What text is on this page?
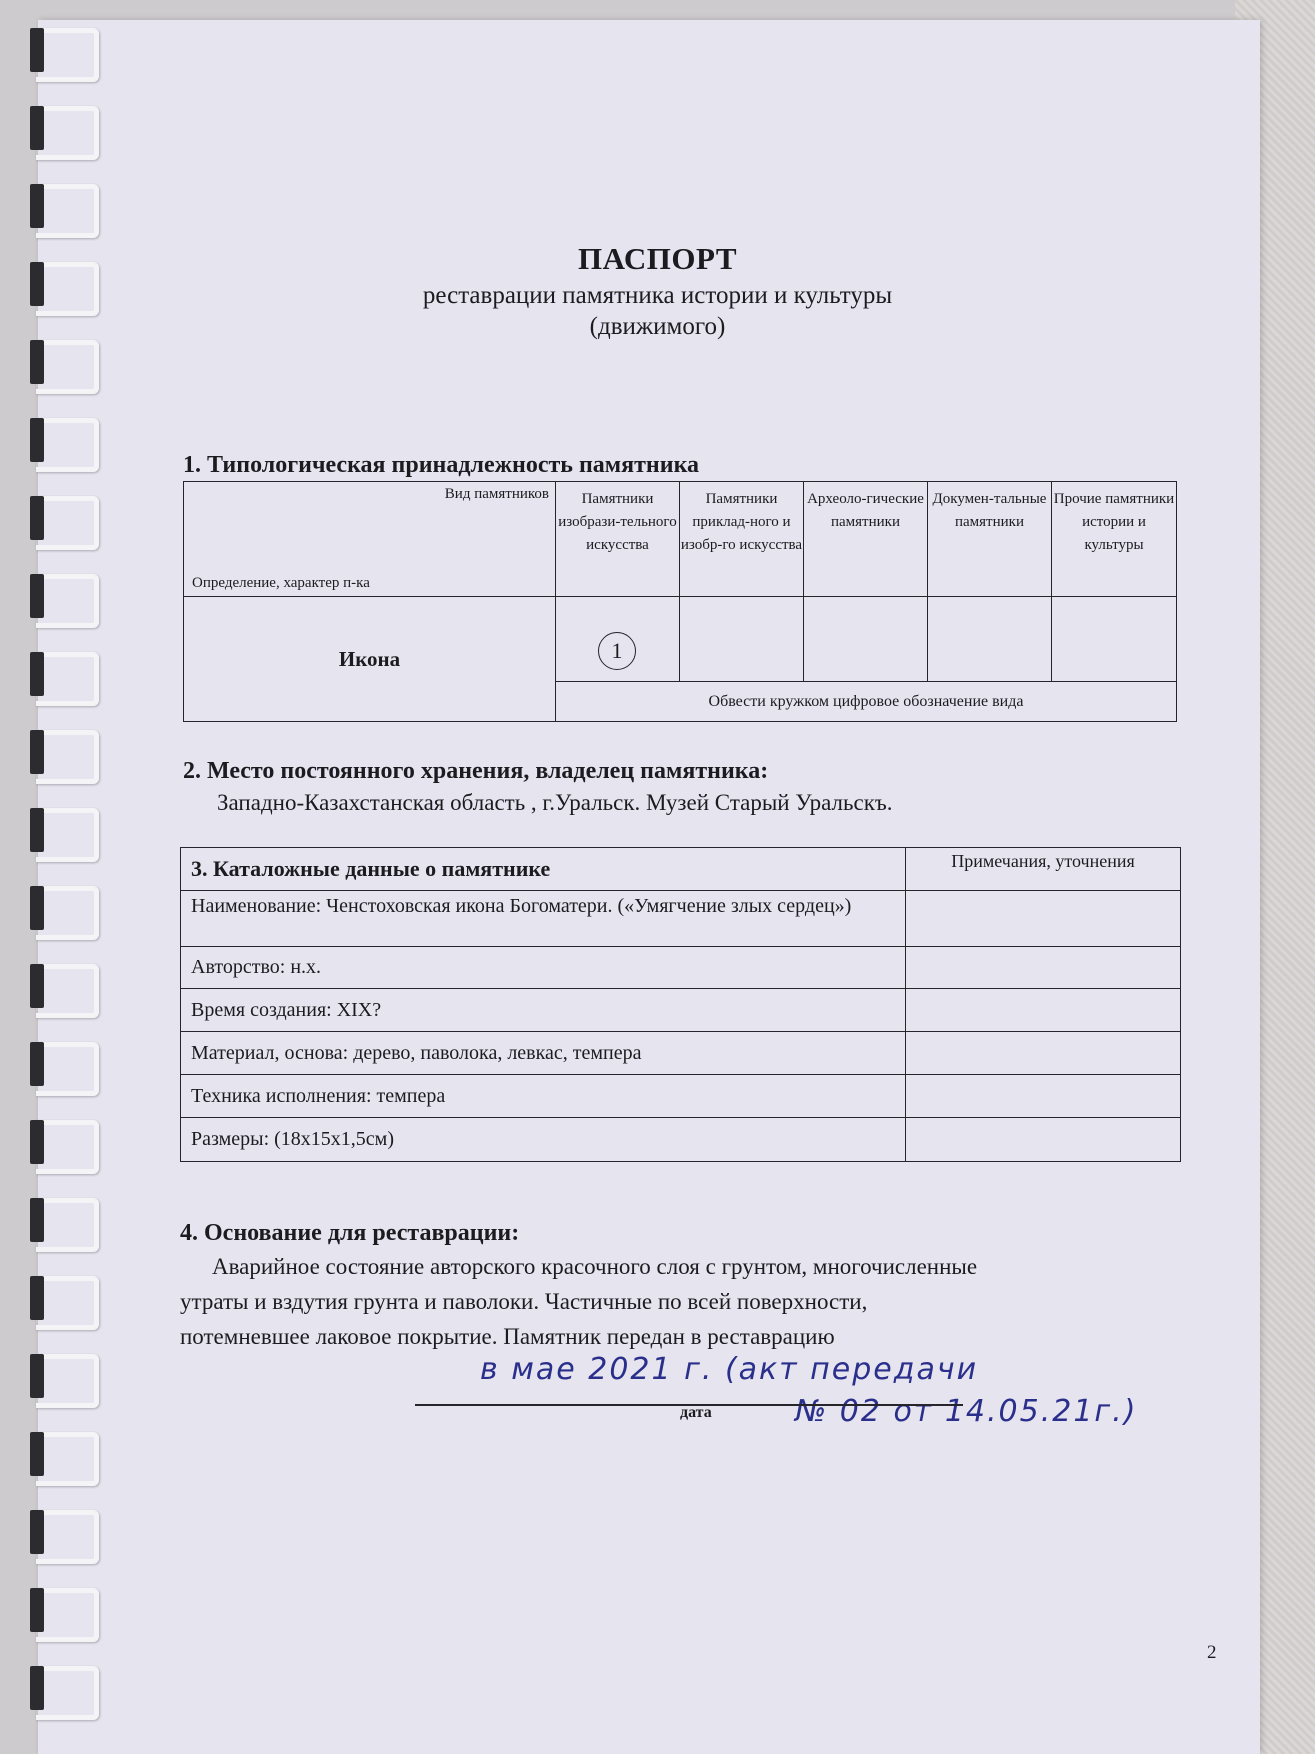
ПАСПОРТ
реставрации памятника истории и культуры
(движимого)
1. Типологическая принадлежность памятника
Вид памятников
Определение, характер п-ка	Памятники изобрази-тельного искусства	Памятники приклад-ного и изобр-го искусства	Археоло-гические памятники	Докумен-тальные памятники	Прочие памятники истории и культуры
Икона	1				

	Обвести кружком цифровое обозначение вида				
2. Место постоянного хранения, владелец памятника:
Западно-Казахстанская область , г.Уральск. Музей Старый Уральскъ.
3. Каталожные данные о памятнике	Примечания, уточнения
Наименование: Ченстоховская икона Богоматери. («Умягчение злых сердец»)	
Авторство: н.х.	
Время создания: XIX?	
Материал, основа: дерево, паволока, левкас, темпера	
Техника исполнения: темпера	
Размеры: (18х15х1,5см)	
4. Основание для реставрации:
Аварийное состояние авторского красочного слоя с грунтом, многочисленные
утраты и вздутия грунта и паволоки. Частичные по всей поверхности,
потемневшее лаковое покрытие. Памятник передан в реставрацию
в мае 2021 г. (акт передачи
№ 02 от 14.05.21г.)
дата
2
